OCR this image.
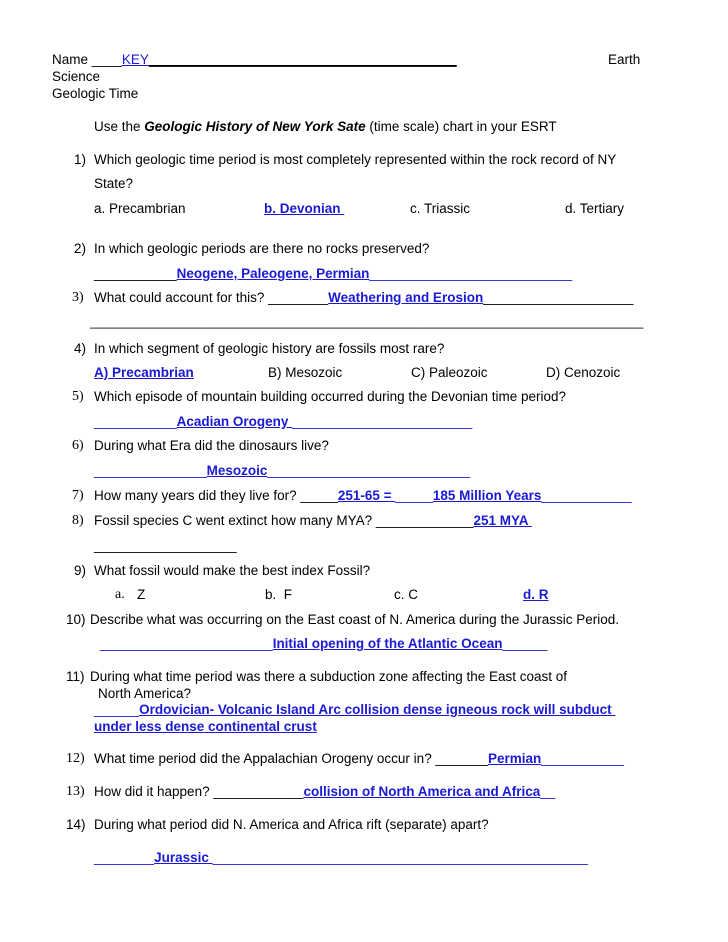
Name ____KEY_________________________________________	Earth
Science
Geologic Time
Use the Geologic History of New York Sate (time scale) chart in your ESRT
1) Which geologic time period is most completely represented within the rock record of NY
State?
a. Precambrian	b. Devonian	c. Triassic	d. Tertiary
2) In which geologic periods are there no rocks preserved?
___________Neogene, Paleogene, Permian___________________________
3) What could account for this? ________Weathering and Erosion____________________
_______________________________________________________________________________
4) In which segment of geologic history are fossils most rare?
A) Precambrian	B) Mesozoic	C) Paleozoic	D) Cenozoic
5) Which episode of mountain building occurred during the Devonian time period?
___________Acadian Orogeny ________________________
6) During what Era did the dinosaurs live?
_______________Mesozoic___________________________
7) How many years did they live for? _____251-65 = _____185 Million Years____________
8) Fossil species C went extinct how many MYA? _____________251 MYA
___________________
9) What fossil would make the best index Fossil?
a. Z	b.  F	c. C	d. R
10) Describe what was occurring on the East coast of N. America during the Jurassic Period.
_______________________Initial opening of the Atlantic Ocean______
11) During what time period was there a subduction zone affecting the East coast of
North America?
______Ordovician- Volcanic Island Arc collision dense igneous rock will subduct
under less dense continental crust
12) What time period did the Appalachian Orogeny occur in? _______Permian___________
13) How did it happen? ____________collision of North America and Africa__
14) During what period did N. America and Africa rift (separate) apart?
________Jurassic __________________________________________________
